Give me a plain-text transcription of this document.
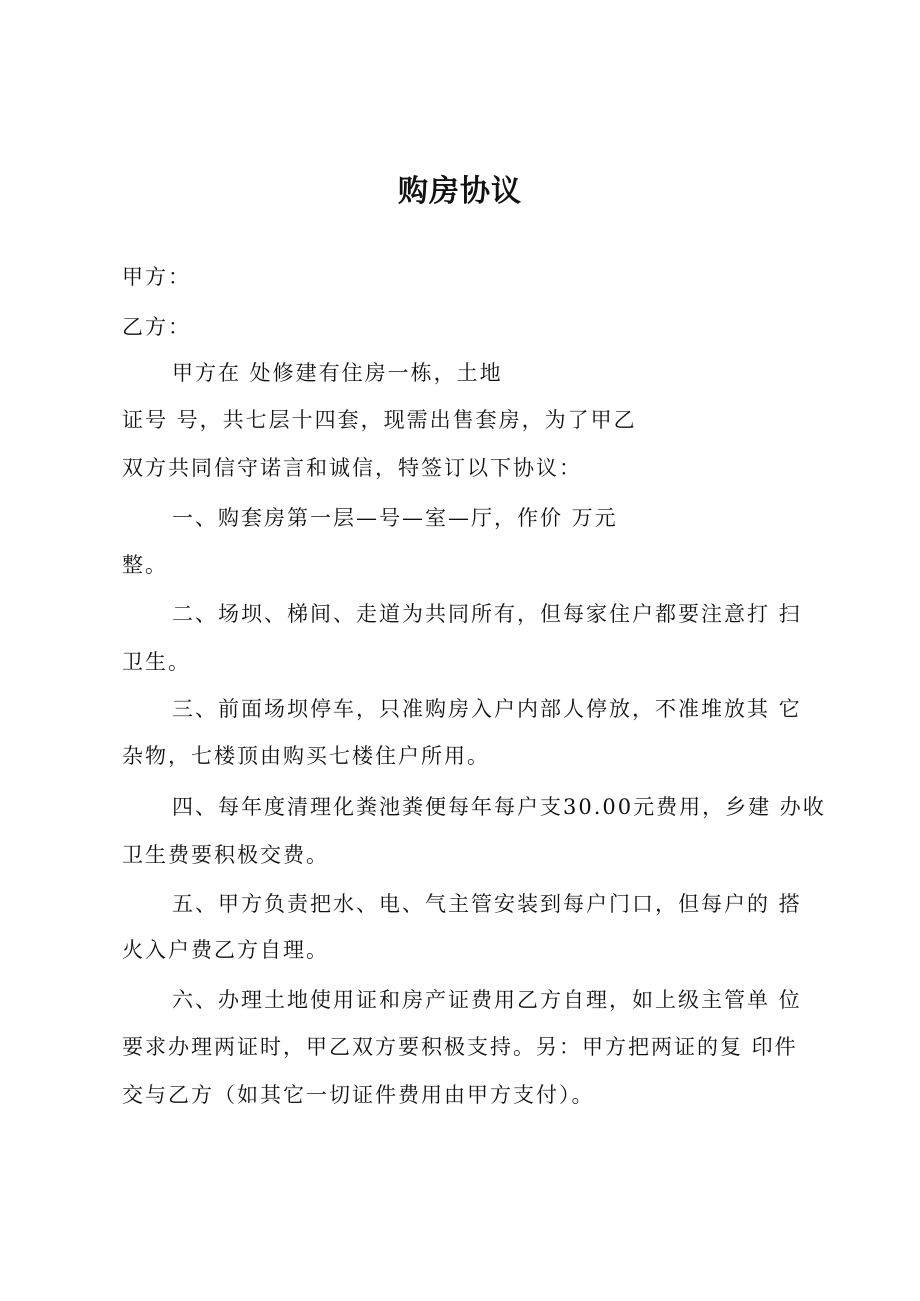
购房协议
甲方：
乙方：
甲方在 处修建有住房一栋，土地
证号 号，共七层十四套，现需出售套房，为了甲乙
双方共同信守诺言和诚信，特签订以下协议：
一、购套房第一层—号—室—厅，作价 万元
整。
二、场坝、梯间、走道为共同所有，但每家住户都要注意打 扫
卫生。
三、前面场坝停车，只准购房入户内部人停放，不准堆放其 它
杂物，七楼顶由购买七楼住户所用。
四、每年度清理化粪池粪便每年每户支30.00元费用，乡建 办收
卫生费要积极交费。
五、甲方负责把水、电、气主管安装到每户门口，但每户的 搭
火入户费乙方自理。
六、办理土地使用证和房产证费用乙方自理，如上级主管单 位
要求办理两证时，甲乙双方要积极支持。另：甲方把两证的复 印件
交与乙方（如其它一切证件费用由甲方支付）。
